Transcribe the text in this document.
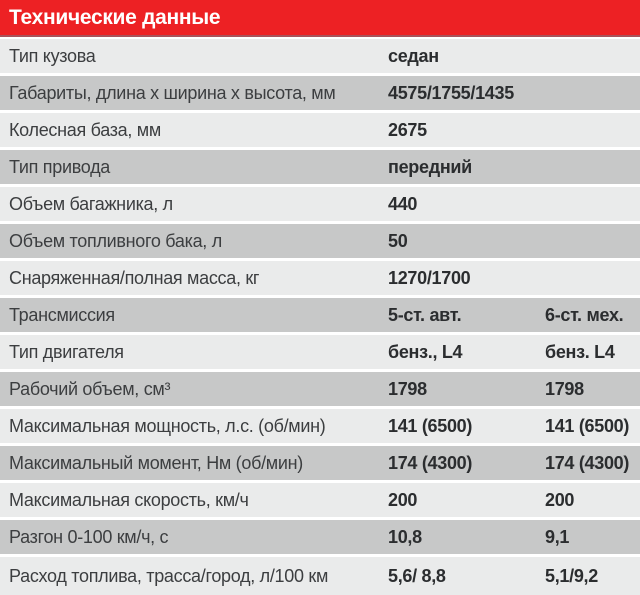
Технические данные
Тип кузова	седан
Габариты, длина х ширина х высота, мм	4575/1755/1435
Колесная база, мм	2675
Тип привода	передний
Объем багажника, л	440
Объем топливного бака, л	50
Снаряженная/полная масса, кг	1270/1700
Трансмиссия	5-ст. авт.	6-ст. мех.
Тип двигателя	бенз., L4	бенз. L4
Рабочий объем, см³	1798	1798
Максимальная мощность, л.с. (об/мин)	141 (6500)	141 (6500)
Максимальный момент, Нм (об/мин)	174 (4300)	174 (4300)
Максимальная скорость, км/ч	200	200
Разгон 0-100 км/ч, с	10,8	9,1
Расход топлива, трасса/город, л/100 км	5,6/ 8,8	5,1/9,2
